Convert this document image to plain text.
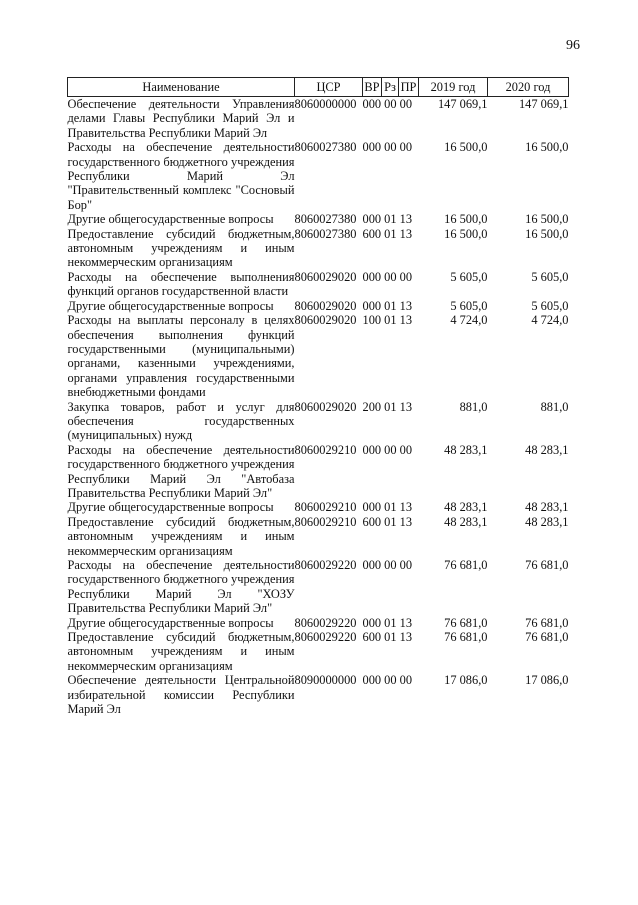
96
Наименование	ЦСР	ВР	Рз	ПР	2019 год	2020 год
Обеспечение деятельности Управления делами Главы Республики Марий Эл и Правительства Республики Марий Эл	8060000000	000 00 00			147 069,1	147 069,1
Расходы на обеспечение деятельности государственного бюджетного учреждения Республики Марий Эл "Правительственный комплекс "Сосновый Бор"	8060027380	000 00 00			16 500,0	16 500,0
Другие общегосударственные вопросы	8060027380	000 01 13			16 500,0	16 500,0
Предоставление субсидий бюджетным, автономным учреждениям и иным некоммерческим организациям	8060027380	600 01 13			16 500,0	16 500,0
Расходы на обеспечение выполнения функций органов государственной власти	8060029020	000 00 00			5 605,0	5 605,0
Другие общегосударственные вопросы	8060029020	000 01 13			5 605,0	5 605,0
Расходы на выплаты персоналу в целях обеспечения выполнения функций государственными (муниципальными) органами, казенными учреждениями, органами управления государственными внебюджетными фондами	8060029020	100 01 13			4 724,0	4 724,0
Закупка товаров, работ и услуг для обеспечения государственных (муниципальных) нужд	8060029020	200 01 13			881,0	881,0
Расходы на обеспечение деятельности государственного бюджетного учреждения Республики Марий Эл "Автобаза Правительства Республики Марий Эл"	8060029210	000 00 00			48 283,1	48 283,1
Другие общегосударственные вопросы	8060029210	000 01 13			48 283,1	48 283,1
Предоставление субсидий бюджетным, автономным учреждениям и иным некоммерческим организациям	8060029210	600 01 13			48 283,1	48 283,1
Расходы на обеспечение деятельности государственного бюджетного учреждения Республики Марий Эл "ХОЗУ Правительства Республики Марий Эл"	8060029220	000 00 00			76 681,0	76 681,0
Другие общегосударственные вопросы	8060029220	000 01 13			76 681,0	76 681,0
Предоставление субсидий бюджетным, автономным учреждениям и иным некоммерческим организациям	8060029220	600 01 13			76 681,0	76 681,0
Обеспечение деятельности Центральной избирательной комиссии Республики Марий Эл	8090000000	000 00 00			17 086,0	17 086,0
